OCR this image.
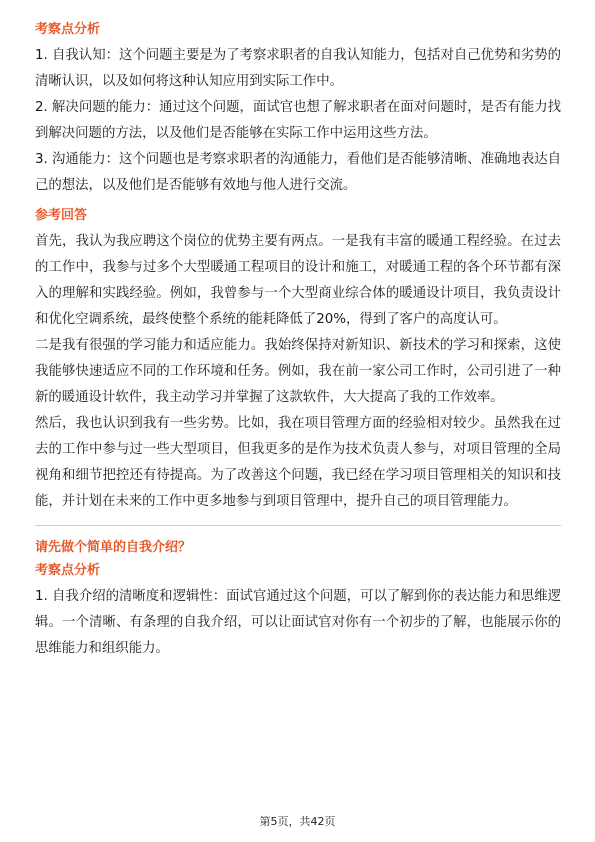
考察点分析

1. 自我认知：这个问题主要是为了考察求职者的自我认知能力，包括对自己优势和劣势的清晰认识，以及如何将这种认知应用到实际工作中。

2. 解决问题的能力：通过这个问题，面试官也想了解求职者在面对问题时，是否有能力找到解决问题的方法，以及他们是否能够在实际工作中运用这些方法。

3. 沟通能力：这个问题也是考察求职者的沟通能力，看他们是否能够清晰、准确地表达自己的想法，以及他们是否能够有效地与他人进行交流。

参考回答

首先，我认为我应聘这个岗位的优势主要有两点。一是我有丰富的暖通工程经验。在过去的工作中，我参与过多个大型暖通工程项目的设计和施工，对暖通工程的各个环节都有深入的理解和实践经验。例如，我曾参与一个大型商业综合体的暖通设计项目，我负责设计和优化空调系统，最终使整个系统的能耗降低了20%，得到了客户的高度认可。

二是我有很强的学习能力和适应能力。我始终保持对新知识、新技术的学习和探索，这使我能够快速适应不同的工作环境和任务。例如，我在前一家公司工作时，公司引进了一种新的暖通设计软件，我主动学习并掌握了这款软件，大大提高了我的工作效率。

然后，我也认识到我有一些劣势。比如，我在项目管理方面的经验相对较少。虽然我在过去的工作中参与过一些大型项目，但我更多的是作为技术负责人参与，对项目管理的全局视角和细节把控还有待提高。为了改善这个问题，我已经在学习项目管理相关的知识和技能，并计划在未来的工作中更多地参与到项目管理中，提升自己的项目管理能力。

请先做个简单的自我介绍？
考察点分析

1. 自我介绍的清晰度和逻辑性：面试官通过这个问题，可以了解到你的表达能力和思维逻辑。一个清晰、有条理的自我介绍，可以让面试官对你有一个初步的了解，也能展示你的思维能力和组织能力。

第5页，共42页
